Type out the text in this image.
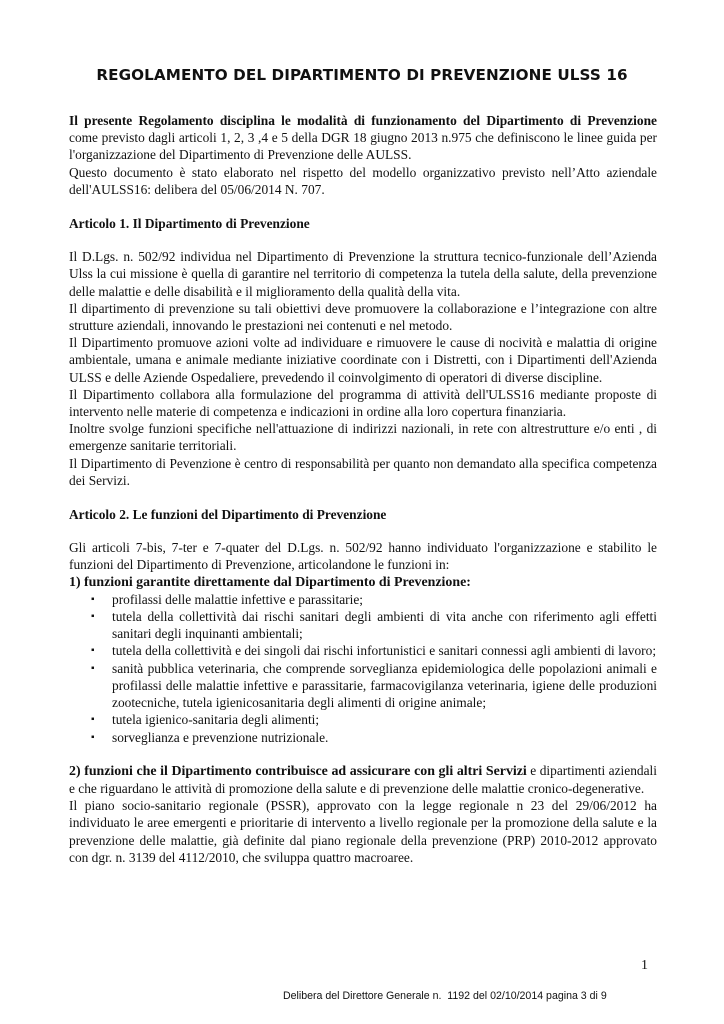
REGOLAMENTO DEL DIPARTIMENTO DI PREVENZIONE ULSS 16

Il presente Regolamento disciplina le modalità di funzionamento del Dipartimento di Prevenzione come previsto dagli articoli 1, 2, 3 ,4 e 5 della DGR 18 giugno 2013 n.975 che definiscono le linee guida per l'organizzazione del Dipartimento di Prevenzione delle AULSS.

Questo documento è stato elaborato nel rispetto del modello organizzativo previsto nell’Atto aziendale dell'AULSS16: delibera del 05/06/2014 N. 707.

Articolo 1. Il Dipartimento di Prevenzione

Il D.Lgs. n. 502/92 individua nel Dipartimento di Prevenzione la struttura tecnico-funzionale dell’Azienda Ulss la cui missione è quella di garantire nel territorio di competenza la tutela della salute, della prevenzione delle malattie e delle disabilità e il miglioramento della qualità della vita.

Il dipartimento di prevenzione su tali obiettivi deve promuovere la collaborazione e l’integrazione con altre strutture aziendali, innovando le prestazioni nei contenuti e nel metodo.

Il Dipartimento promuove azioni volte ad individuare e rimuovere le cause di nocività e malattia di origine ambientale, umana e animale mediante iniziative coordinate con i Distretti, con i Dipartimenti dell'Azienda ULSS e delle Aziende Ospedaliere, prevedendo il coinvolgimento di operatori di diverse discipline.

Il Dipartimento collabora alla formulazione del programma di attività dell'ULSS16 mediante proposte di intervento nelle materie di competenza e indicazioni in ordine alla loro copertura finanziaria.

Inoltre svolge funzioni specifiche nell'attuazione di indirizzi nazionali, in rete con altrestrutture e/o enti , di emergenze sanitarie territoriali.

Il Dipartimento di Pevenzione è centro di responsabilità per quanto non demandato alla specifica competenza dei Servizi.

Articolo 2. Le funzioni del Dipartimento di Prevenzione

Gli articoli 7-bis, 7-ter e 7-quater del D.Lgs. n. 502/92 hanno individuato l'organizzazione e stabilito le funzioni del Dipartimento di Prevenzione, articolandone le funzioni in:

1) funzioni garantite direttamente dal Dipartimento di Prevenzione:

▪ profilassi delle malattie infettive e parassitarie;
▪ tutela della collettività dai rischi sanitari degli ambienti di vita anche con riferimento agli effetti sanitari degli inquinanti ambientali;
▪ tutela della collettività e dei singoli dai rischi infortunistici e sanitari connessi agli ambienti di lavoro;
▪ sanità pubblica veterinaria, che comprende sorveglianza epidemiologica delle popolazioni animali e profilassi delle malattie infettive e parassitarie, farmacovigilanza veterinaria, igiene delle produzioni zootecniche, tutela igienicosanitaria degli alimenti di origine animale;
▪ tutela igienico-sanitaria degli alimenti;
▪ sorveglianza e prevenzione nutrizionale.

2) funzioni che il Dipartimento contribuisce ad assicurare con gli altri Servizi e dipartimenti aziendali e che riguardano le attività di promozione della salute e di prevenzione delle malattie cronico-degenerative.

Il piano socio-sanitario regionale (PSSR), approvato con la legge regionale n 23 del 29/06/2012 ha individuato le aree emergenti e prioritarie di intervento a livello regionale per la promozione della salute e la prevenzione delle malattie, già definite dal piano regionale della prevenzione (PRP) 2010-2012 approvato con dgr. n. 3139 del 4112/2010, che sviluppa quattro macroaree.

1
Delibera del Direttore Generale n.  1192 del 02/10/2014 pagina 3 di 9
